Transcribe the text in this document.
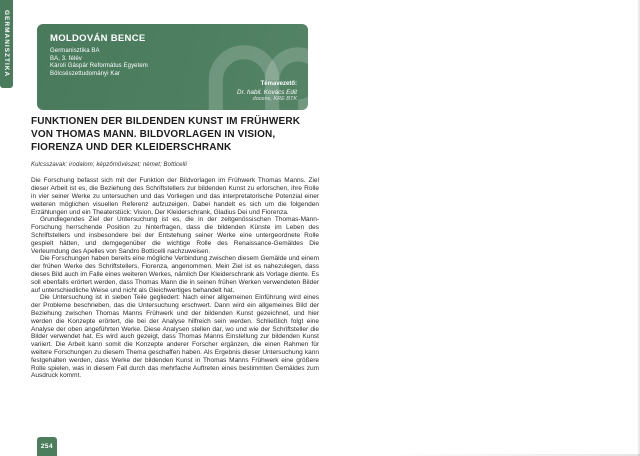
GERMANISZTIKA	MOLDOVÁN BENCE
Germanisztika BA
BA, 3. félév
Károli Gáspár Református Egyetem
Bölcsészettudományi Kar
Témavezető:
Dr. habil. Kovács Edit
docens, KRE BTK
FUNKTIONEN DER BILDENDEN KUNST IM FRÜHWERK
VON THOMAS MANN. BILDVORLAGEN IN VISION,
FIORENZA UND DER KLEIDERSCHRANK

Kulcsszavak: irodalom; képzőművészet; német; Botticelli

Die Forschung befasst sich mit der Funktion der Bildvorlagen im Frühwerk Thomas Manns. Ziel dieser Arbeit ist es, die Beziehung des Schriftstellers zur bildenden Kunst zu erforschen, ihre Rolle in vier seiner Werke zu untersuchen und das Vorliegen und das interpretatorische Potenzial einer weiteren möglichen visuellen Referenz aufzuzeigen. Dabei handelt es sich um die folgenden Erzählungen und ein Theaterstück: Vision, Der Kleiderschrank, Gladius Dei und Fiorenza.

Grundlegendes Ziel der Untersuchung ist es, die in der zeitgenössischen Thomas-Mann-Forschung herrschende Position zu hinterfragen, dass die bildenden Künste im Leben des Schriftstellers und insbesondere bei der Entstehung seiner Werke eine untergeordnete Rolle gespielt hätten, und demgegenüber die wichtige Rolle des Renaissance-Gemäldes Die Verleumdung des Apelles von Sandro Botticelli nachzuweisen.

Die Forschungen haben bereits eine mögliche Verbindung zwischen diesem Gemälde und einem der frühen Werke des Schriftstellers, Fiorenza, angenommen. Mein Ziel ist es nahezulegen, dass dieses Bild auch im Falle eines weiteren Werkes, nämlich Der Kleiderschrank als Vorlage diente. Es soll ebenfalls erörtert werden, dass Thomas Mann die in seinen frühen Werken verwendeten Bilder auf unterschiedliche Weise und nicht als Gleichwertiges behandelt hat.

Die Untersuchung ist in sieben Teile gegliedert: Nach einer allgemeinen Einführung wird eines der Probleme beschrieben, das die Untersuchung erschwert. Dann wird ein allgemeines Bild der Beziehung zwischen Thomas Manns Frühwerk und der bildenden Kunst gezeichnet, und hier werden die Konzepte erörtert, die bei der Analyse hilfreich sein werden. Schließlich folgt eine Analyse der oben angeführten Werke. Diese Analysen stellen dar, wo und wie der Schriftsteller die Bilder verwendet hat. Es wird auch gezeigt, dass Thomas Manns Einstellung zur bildenden Kunst variiert. Die Arbeit kann somit die Konzepte anderer Forscher ergänzen, die einen Rahmen für weitere Forschungen zu diesem Thema geschaffen haben. Als Ergebnis dieser Untersuchung kann festgehalten werden, dass Werke der bildenden Kunst in Thomas Manns Frühwerk eine größere Rolle spielen, was in diesem Fall durch das mehrfache Auftreten eines bestimmten Gemäldes zum Ausdruck kommt.

254
